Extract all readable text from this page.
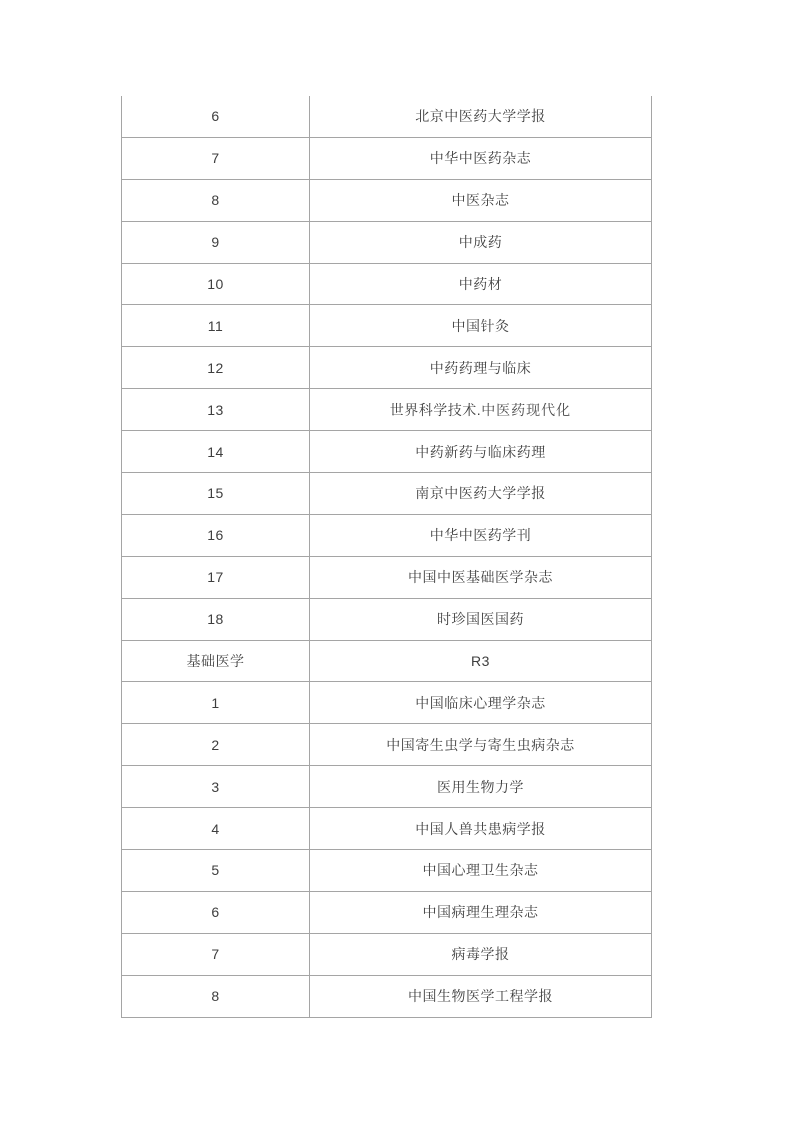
6	北京中医药大学学报
7	中华中医药杂志
8	中医杂志
9	中成药
10	中药材
11	中国针灸
12	中药药理与临床
13	世界科学技术.中医药现代化
14	中药新药与临床药理
15	南京中医药大学学报
16	中华中医药学刊
17	中国中医基础医学杂志
18	时珍国医国药
基础医学	R3
1	中国临床心理学杂志
2	中国寄生虫学与寄生虫病杂志
3	医用生物力学
4	中国人兽共患病学报
5	中国心理卫生杂志
6	中国病理生理杂志
7	病毒学报
8	中国生物医学工程学报
